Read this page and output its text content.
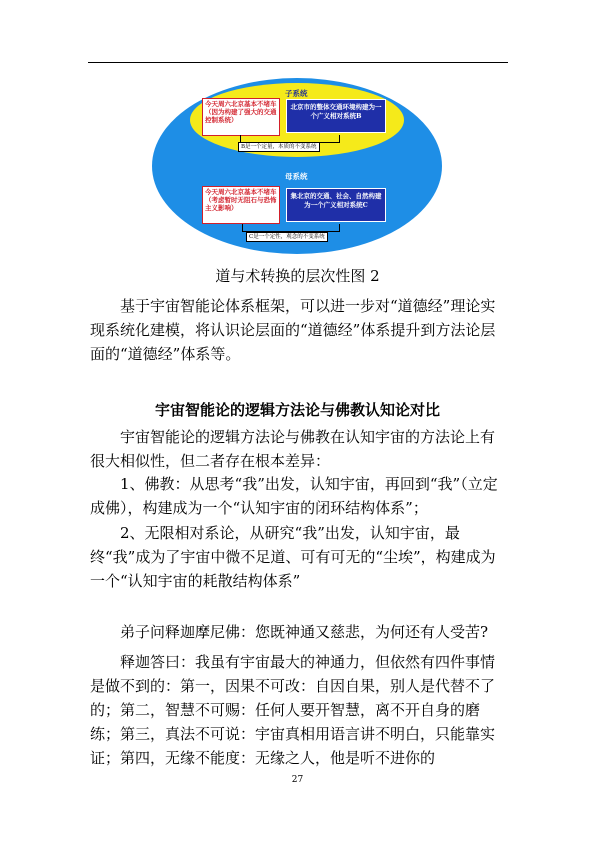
子系统
今天周六北京基本不堵车（因为构建了强大的交通控制系统）
北京市的整体交通环境构建为一个广义相对系统B
B是一个定量，本质的不变系统
母系统
今天周六北京基本不堵车（考虑暂时无阻石与恐怖主义影响）
集北京的交通、社会、自然构建为一个广义相对系统C
C是一个定性，观念的不变系统
道与术转换的层次性图 2

基于宇宙智能论体系框架，可以进一步对“道德经”理论实现系统化建模，将认识论层面的“道德经”体系提升到方法论层面的“道德经”体系等。

宇宙智能论的逻辑方法论与佛教认知论对比

宇宙智能论的逻辑方法论与佛教在认知宇宙的方法论上有很大相似性，但二者存在根本差异：

1、佛教：从思考“我”出发，认知宇宙，再回到“我”（立定成佛），构建成为一个“认知宇宙的闭环结构体系”；

2、无限相对系论，从研究“我”出发，认知宇宙，最终“我”成为了宇宙中微不足道、可有可无的“尘埃”，构建成为一个“认知宇宙的耗散结构体系”

弟子问释迦摩尼佛：您既神通又慈悲，为何还有人受苦?

释迦答曰：我虽有宇宙最大的神通力，但依然有四件事情是做不到的：第一，因果不可改：自因自果，别人是代替不了的；第二，智慧不可赐：任何人要开智慧，离不开自身的磨练；第三，真法不可说：宇宙真相用语言讲不明白，只能靠实证；第四，无缘不能度：无缘之人，他是听不进你的

27
